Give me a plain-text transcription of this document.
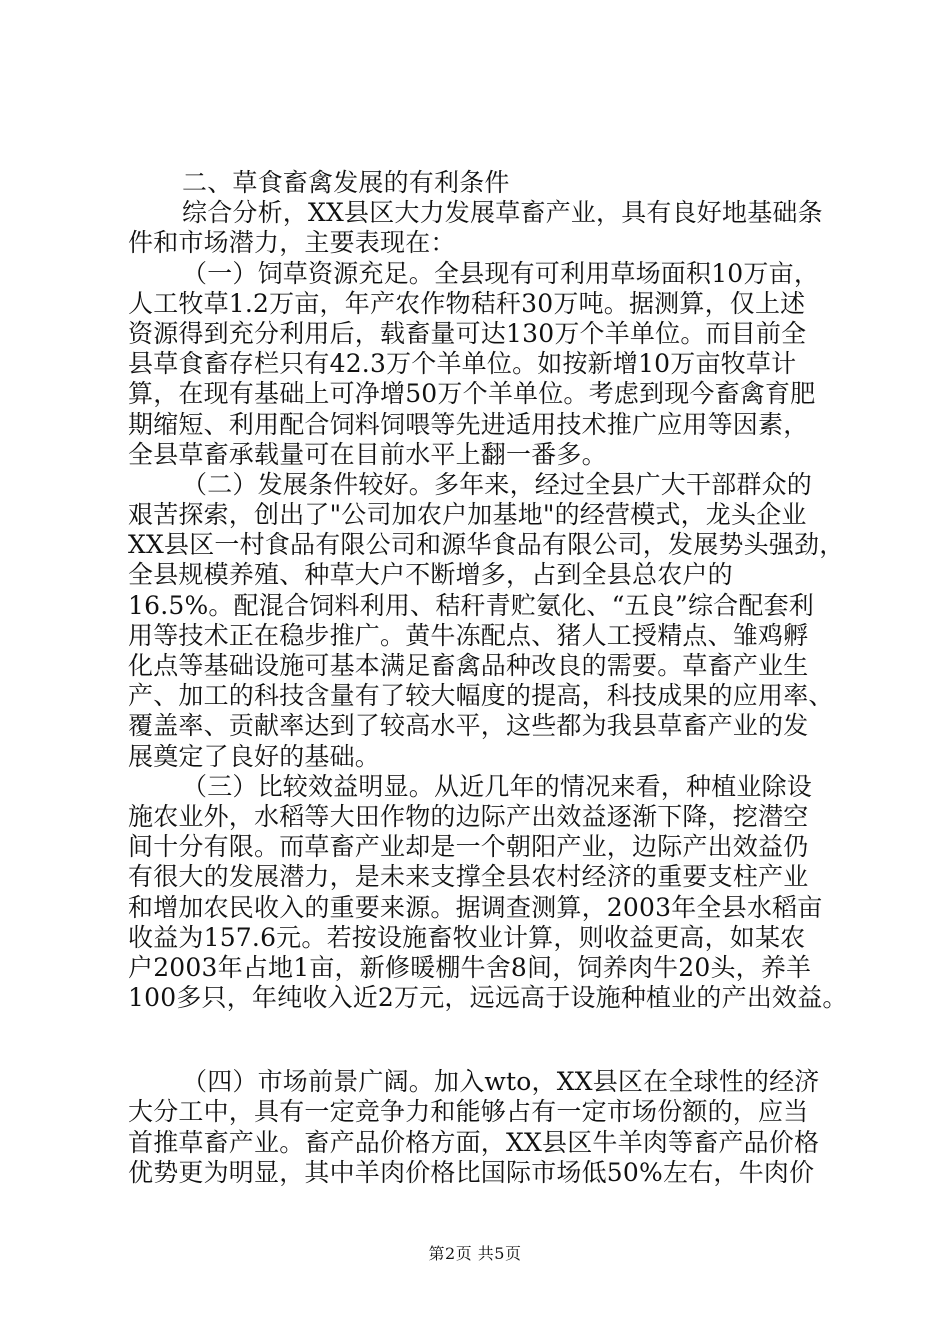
二、草食畜禽发展的有利条件
综合分析，XX县区大力发展草畜产业，具有良好地基础条
件和市场潜力，主要表现在：
（一）饲草资源充足。全县现有可利用草场面积10万亩，
人工牧草1.2万亩，年产农作物秸秆30万吨。据测算，仅上述
资源得到充分利用后，载畜量可达130万个羊单位。而目前全
县草食畜存栏只有42.3万个羊单位。如按新增10万亩牧草计
算，在现有基础上可净增50万个羊单位。考虑到现今畜禽育肥
期缩短、利用配合饲料饲喂等先进适用技术推广应用等因素，
全县草畜承载量可在目前水平上翻一番多。
（二）发展条件较好。多年来，经过全县广大干部群众的
艰苦探索，创出了"公司加农户加基地"的经营模式，龙头企业
XX县区一村食品有限公司和源华食品有限公司，发展势头强劲，
全县规模养殖、种草大户不断增多，占到全县总农户的
16.5%。配混合饲料利用、秸秆青贮氨化、“五良”综合配套利
用等技术正在稳步推广。黄牛冻配点、猪人工授精点、雏鸡孵
化点等基础设施可基本满足畜禽品种改良的需要。草畜产业生
产、加工的科技含量有了较大幅度的提高，科技成果的应用率、
覆盖率、贡献率达到了较高水平，这些都为我县草畜产业的发
展奠定了良好的基础。
（三）比较效益明显。从近几年的情况来看，种植业除设
施农业外，水稻等大田作物的边际产出效益逐渐下降，挖潜空
间十分有限。而草畜产业却是一个朝阳产业，边际产出效益仍
有很大的发展潜力，是未来支撑全县农村经济的重要支柱产业
和增加农民收入的重要来源。据调查测算，2003年全县水稻亩
收益为157.6元。若按设施畜牧业计算，则收益更高，如某农
户2003年占地1亩，新修暖棚牛舍8间，饲养肉牛20头，养羊
100多只，年纯收入近2万元，远远高于设施种植业的产出效益。
（四）市场前景广阔。加入wto，XX县区在全球性的经济
大分工中，具有一定竞争力和能够占有一定市场份额的，应当
首推草畜产业。畜产品价格方面，XX县区牛羊肉等畜产品价格
优势更为明显，其中羊肉价格比国际市场低50%左右，牛肉价
第2页 共5页
